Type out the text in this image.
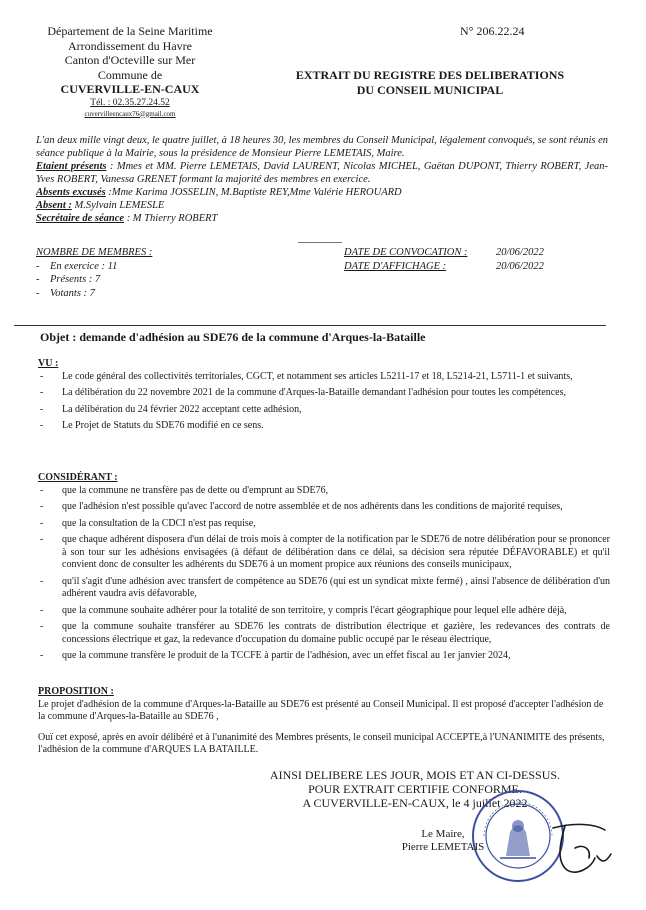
Département de la Seine Maritime
Arrondissement du Havre
Canton d'Octeville sur Mer
Commune de
CUVERVILLE-EN-CAUX
Tél. : 02.35.27.24.52
cuvervilleencaux76@gmail.com
N° 206.22.24
EXTRAIT DU REGISTRE DES DELIBERATIONS
DU CONSEIL MUNICIPAL
L'an deux mille vingt deux, le quatre juillet, à 18 heures 30, les membres du Conseil Municipal, légalement convoqués, se sont réunis en séance publique à la Mairie, sous la présidence de Monsieur Pierre LEMETAIS, Maire.
Etaient présents : Mmes et MM. Pierre LEMETAIS, David LAURENT, Nicolas MICHEL, Gaëtan DUPONT, Thierry ROBERT, Jean-Yves ROBERT, Vanessa GRENET formant la majorité des membres en exercice.
Absents excusés :Mme Karima JOSSELIN, M.Baptiste REY,Mme Valérie HEROUARD
Absent : M.Sylvain LEMESLE
Secrétaire de séance : M Thierry ROBERT
NOMBRE DE MEMBRES :
-    En exercice : 11
-    Présents : 7
-    Votants : 7
DATE DE CONVOCATION :	20/06/2022
DATE D'AFFICHAGE :	20/06/2022
Objet : demande d'adhésion au SDE76 de la commune d'Arques-la-Bataille
VU :
- Le code général des collectivités territoriales, CGCT, et notamment ses articles L5211-17 et 18, L5214-21, L5711-1 et suivants,
- La délibération du 22 novembre 2021 de la commune d'Arques-la-Bataille demandant l'adhésion pour toutes les compétences,
- La délibération du 24 février 2022 acceptant cette adhésion,
- Le Projet de Statuts du SDE76 modifié en ce sens.
CONSIDÉRANT :
- que la commune ne transfère pas de dette ou d'emprunt au SDE76,
- que l'adhésion n'est possible qu'avec l'accord de notre assemblée et de nos adhérents dans les conditions de majorité requises,
- que la consultation de la CDCI n'est pas requise,
- que chaque adhérent disposera d'un délai de trois mois à compter de la notification par le SDE76 de notre délibération pour se prononcer à son tour sur les adhésions envisagées (à défaut de délibération dans ce délai, sa décision sera réputée DÉFAVORABLE) et qu'il convient donc de consulter les adhérents du SDE76 à un moment propice aux réunions des conseils municipaux,
- qu'il s'agit d'une adhésion avec transfert de compétence au SDE76 (qui est un syndicat mixte fermé) , ainsi l'absence de délibération d'un adhérent vaudra avis défavorable,
- que la commune souhaite adhérer pour la totalité de son territoire, y compris l'écart géographique pour lequel elle adhère déjà,
- que la commune souhaite transférer au SDE76 les contrats de distribution électrique et gazière, les redevances des contrats de concessions électrique et gaz, la redevance d'occupation du domaine public occupé par le réseau électrique,
- que la commune transfère le produit de la TCCFE à partir de l'adhésion, avec un effet fiscal au 1er janvier 2024,
PROPOSITION :
Le projet d'adhésion de la commune d'Arques-la-Bataille au SDE76 est présenté au Conseil Municipal. Il est proposé d'accepter l'adhésion de la commune d'Arques-la-Bataille au SDE76 ,
Ouï cet exposé, après en avoir délibéré et à l'unanimité des Membres présents, le conseil municipal ACCEPTE,à l'UNANIMITE des présents, l'adhésion de la commune d'ARQUES LA BATAILLE.
AINSI DELIBERE LES JOUR, MOIS ET AN CI-DESSUS.
POUR EXTRAIT CERTIFIE CONFORME.
A CUVERVILLE-EN-CAUX, le 4 juillet 2022
Le Maire,
Pierre LEMETAIS
